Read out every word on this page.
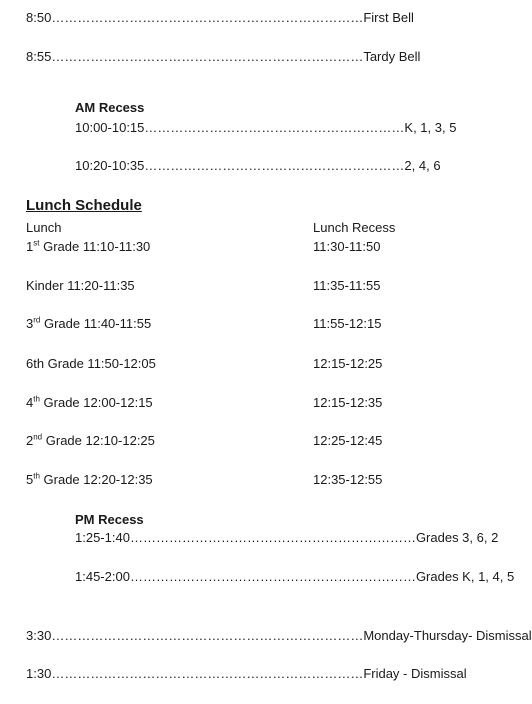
8:50………………………………………………………………First Bell
8:55………………………………………………………………Tardy Bell
AM Recess
10:00-10:15……………………………………………………K, 1, 3, 5
10:20-10:35……………………………………………………2, 4, 6
Lunch Schedule
Lunch	Lunch Recess
1st Grade 11:10-11:30	11:30-11:50
Kinder 11:20-11:35	11:35-11:55
3rd Grade 11:40-11:55	11:55-12:15
6th Grade 11:50-12:05	12:15-12:25
4th Grade 12:00-12:15	12:15-12:35
2nd Grade 12:10-12:25	12:25-12:45
5th Grade 12:20-12:35	12:35-12:55
PM Recess
1:25-1:40…………………………………………………………Grades 3, 6, 2
1:45-2:00…………………………………………………………Grades K, 1, 4, 5
3:30………………………………………………………………Monday-Thursday- Dismissal
1:30………………………………………………………………Friday - Dismissal
